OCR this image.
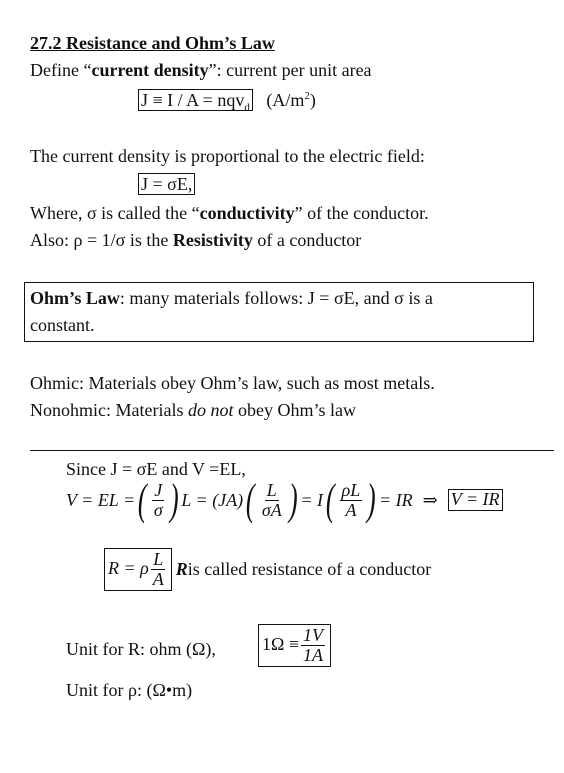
27.2 Resistance and Ohm’s Law
Define “current density”: current per unit area
J ≡ I / A = nqv$_d$ $(A/m^2)$
The current density is proportional to the electric field:
J = σE,
Where, σ is called the “conductivity” of the conductor.
Also: ρ = 1/σ is the Resistivity of a conductor
Ohm’s Law: many materials follows: J = σE, and σ is a
constant.
Ohmic: Materials obey Ohm’s law, such as most metals.
Nonohmic: Materials do not obey Ohm’s law
Since J = σE and V =EL,
V = EL = ( $\frac{J}{\sigma}$ ) L = (JA) ( $\frac{L}{\sigma A}$ ) = I ( $\frac{\rho L}{A}$ ) = IR ⇒ V = IR
R = ρ $\frac{L}{A}$ R is called resistance of a conductor
Unit for R: ohm (Ω),	$1\Omega \equiv \frac{1V}{1A}$
Unit for ρ: (Ω•m)
